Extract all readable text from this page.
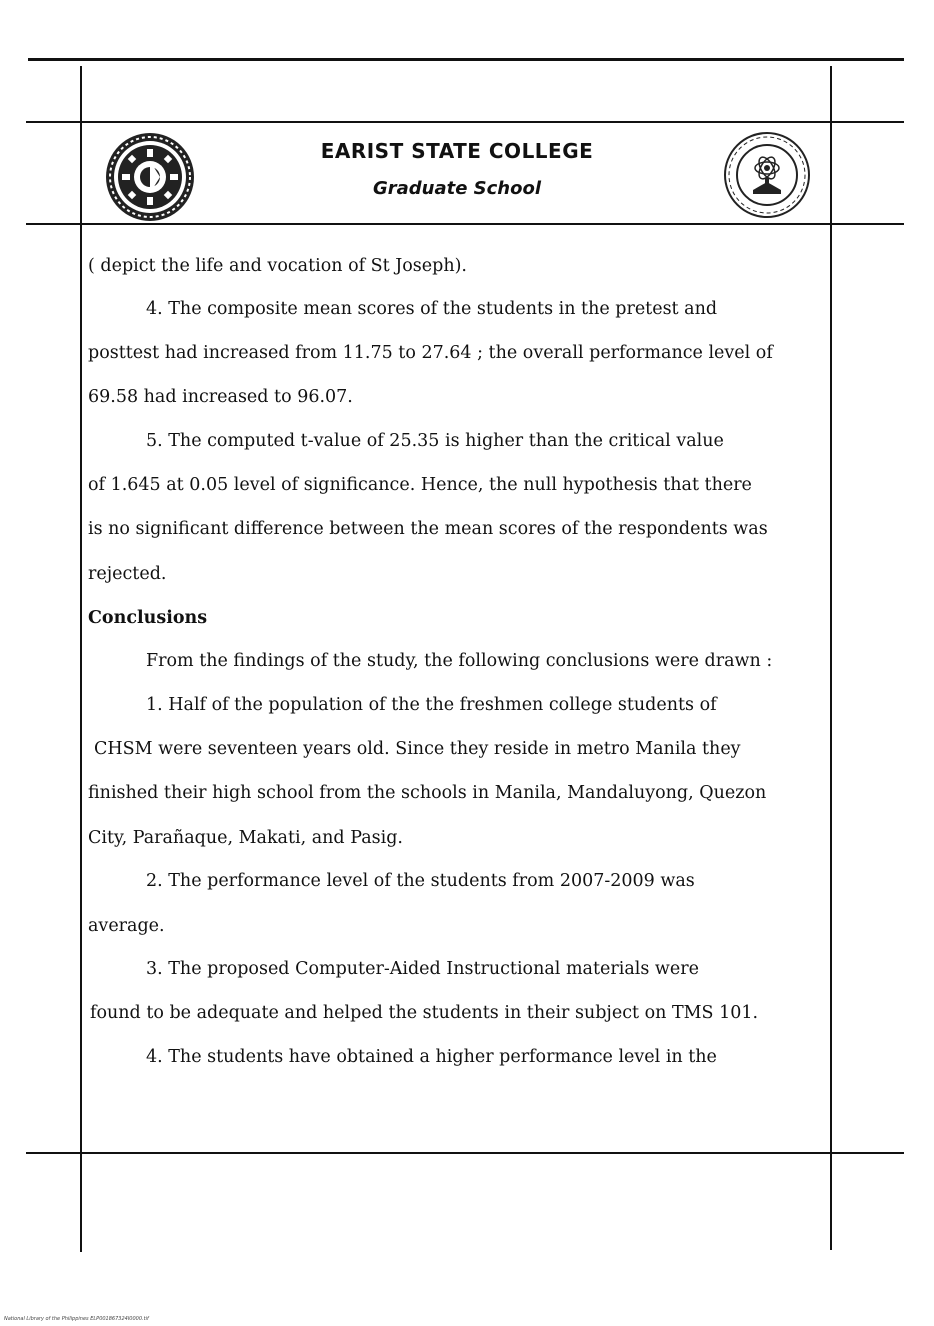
EARIST STATE COLLEGE
Graduate School
( depict the life and vocation of St Joseph).
4. The composite mean scores of the students in the pretest and
posttest had increased from 11.75 to 27.64 ; the overall performance level of
69.58 had increased to 96.07.
5. The computed t-value of 25.35 is higher than the critical value
of 1.645 at 0.05 level of significance. Hence, the null hypothesis that there
is no significant difference between the mean scores of the respondents was
rejected.
Conclusions
From the findings of the study, the following conclusions were drawn :
1. Half of the population of the the freshmen college students of
CHSM were seventeen years old. Since they reside in metro Manila they
finished their high school from the schools in Manila, Mandaluyong, Quezon
City, Parañaque, Makati, and Pasig.
2. The performance level of the students from 2007-2009 was
average.
3. The proposed Computer-Aided Instructional materials were
found to be adequate and helped the students in their subject on TMS 101.
4. The students have obtained a higher performance level in the
National Library of the Philippines ELP001867324I0000.tif
